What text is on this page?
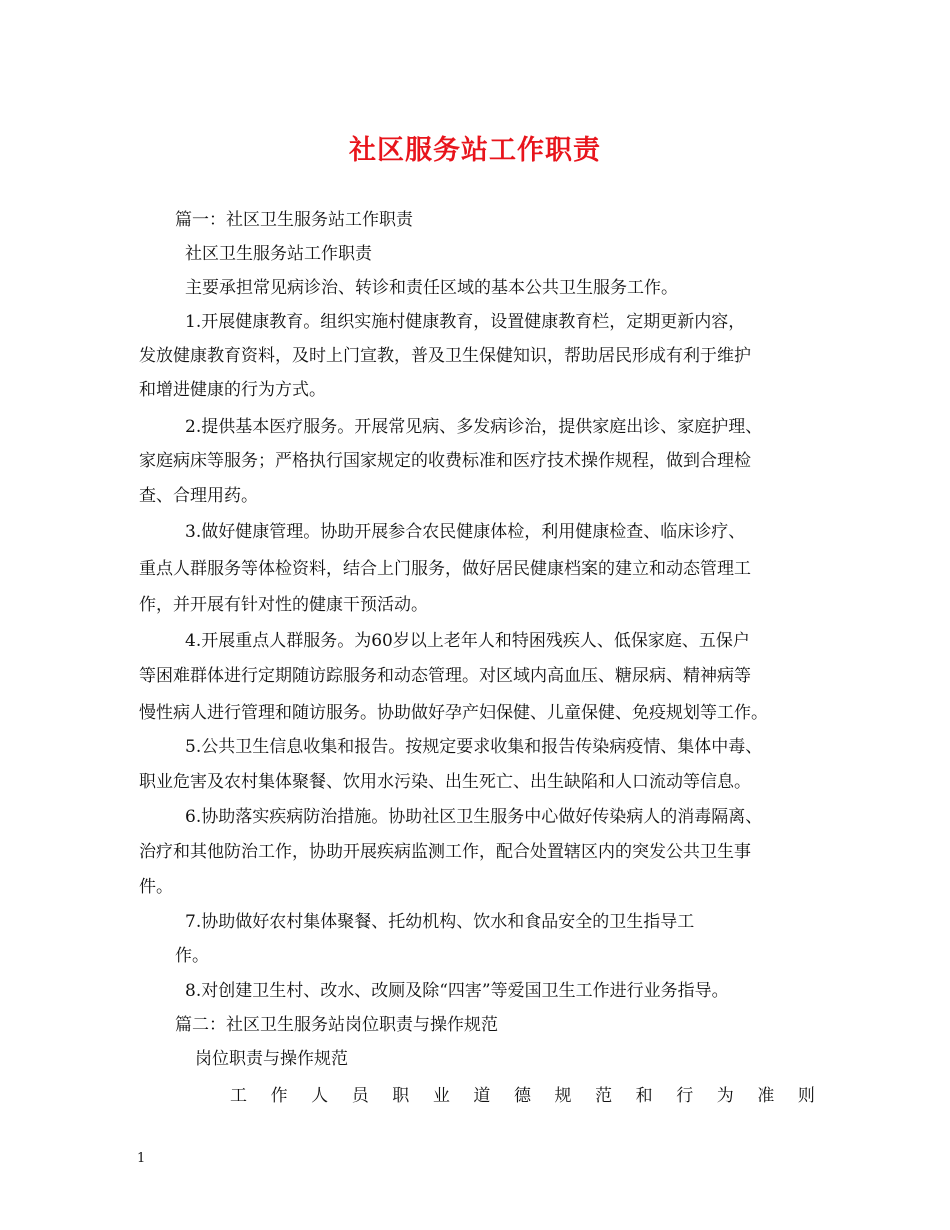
社区服务站工作职责
篇一：社区卫生服务站工作职责
社区卫生服务站工作职责
主要承担常见病诊治、转诊和责任区域的基本公共卫生服务工作。
1.开展健康教育。组织实施村健康教育，设置健康教育栏，定期更新内容，
发放健康教育资料，及时上门宣教，普及卫生保健知识，帮助居民形成有利于维护
和增进健康的行为方式。
2.提供基本医疗服务。开展常见病、多发病诊治，提供家庭出诊、家庭护理、
家庭病床等服务；严格执行国家规定的收费标准和医疗技术操作规程，做到合理检
查、合理用药。
3.做好健康管理。协助开展参合农民健康体检，利用健康检查、临床诊疗、
重点人群服务等体检资料，结合上门服务，做好居民健康档案的建立和动态管理工
作，并开展有针对性的健康干预活动。
4.开展重点人群服务。为60岁以上老年人和特困残疾人、低保家庭、五保户
等困难群体进行定期随访踪服务和动态管理。对区域内高血压、糖尿病、精神病等
慢性病人进行管理和随访服务。协助做好孕产妇保健、儿童保健、免疫规划等工作。
5.公共卫生信息收集和报告。按规定要求收集和报告传染病疫情、集体中毒、
职业危害及农村集体聚餐、饮用水污染、出生死亡、出生缺陷和人口流动等信息。
6.协助落实疾病防治措施。协助社区卫生服务中心做好传染病人的消毒隔离、
治疗和其他防治工作，协助开展疾病监测工作，配合处置辖区内的突发公共卫生事
件。
7.协助做好农村集体聚餐、托幼机构、饮水和食品安全的卫生指导工
作。
8.对创建卫生村、改水、改厕及除“四害”等爱国卫生工作进行业务指导。
篇二：社区卫生服务站岗位职责与操作规范
岗位职责与操作规范
工 作 人 员 职 业 道 德 规 范 和 行 为 准 则
1
